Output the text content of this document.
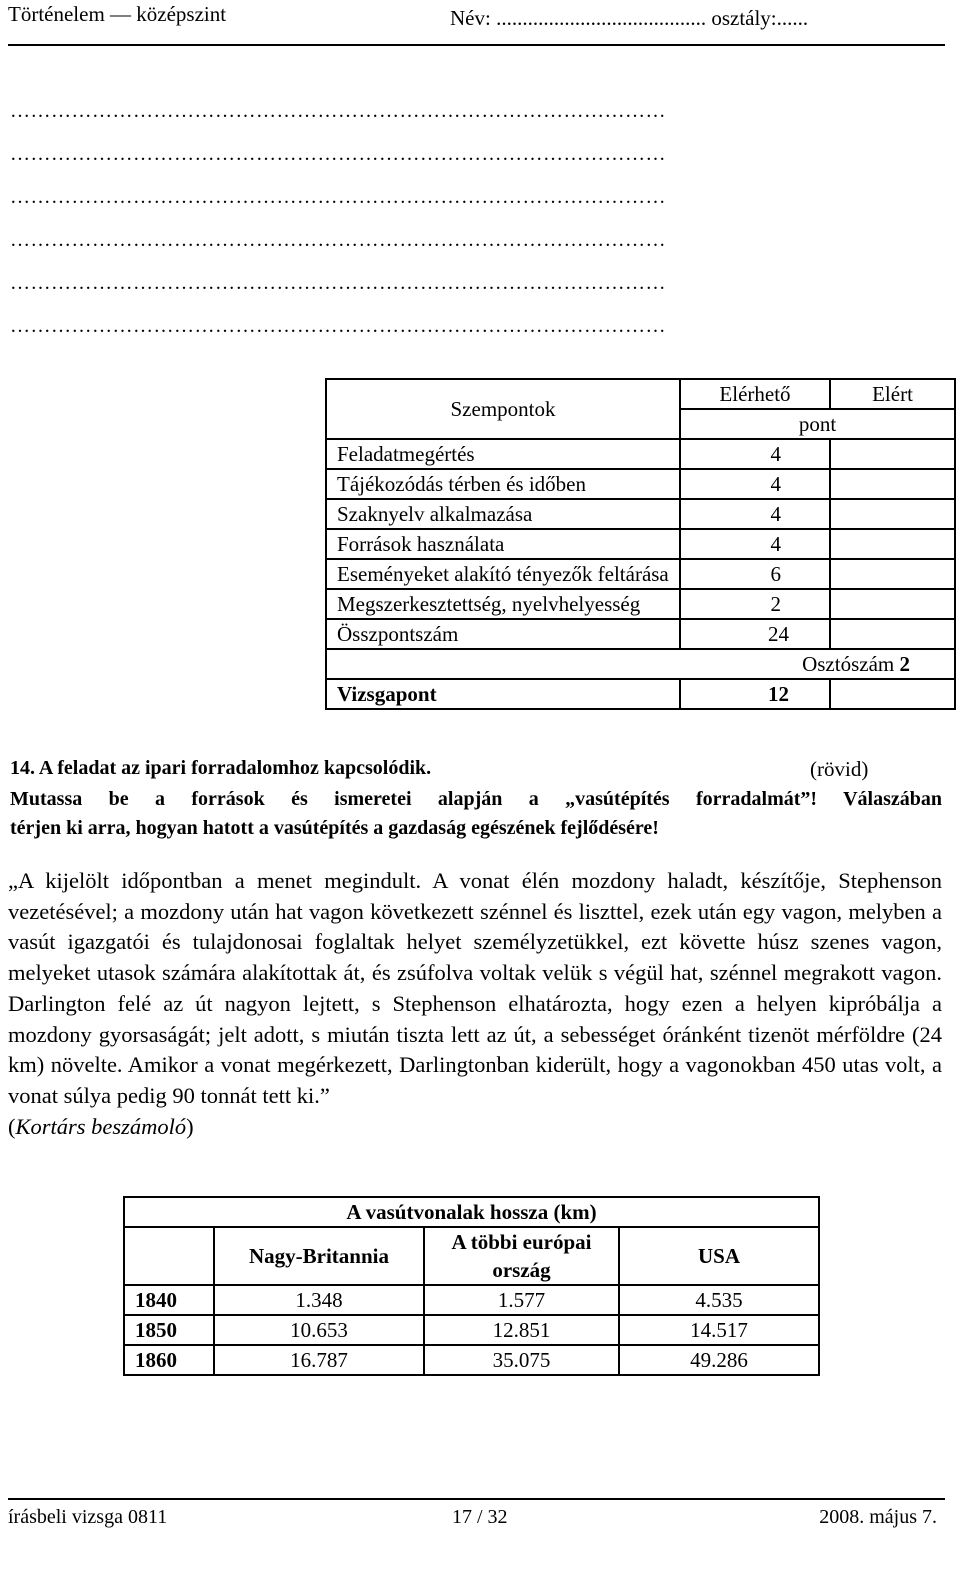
Történelem — középszint	Név: ........................................ osztály:......
……………………………………………………………………………………
……………………………………………………………………………………
……………………………………………………………………………………
……………………………………………………………………………………
……………………………………………………………………………………
……………………………………………………………………………………
Szempontok	Elérhető	Elért
	pont	
Feladatmegértés	4	
Tájékozódás térben és időben	4	
Szaknyelv alkalmazása	4	
Források használata	4	
Eseményeket alakító tényezők feltárása	6	
Megszerkesztettség, nyelvhelyesség	2	
Összpontszám	24	
	Osztószám 2	
Vizsgapont	12	
14. A feladat az ipari forradalomhoz kapcsolódik.	(rövid)
Mutassa be a források és ismeretei alapján a „vasútépítés forradalmát”! Válaszában
térjen ki arra, hogyan hatott a vasútépítés a gazdaság egészének fejlődésére!
„A kijelölt időpontban a menet megindult. A vonat élén mozdony haladt, készítője, Stephenson vezetésével; a mozdony után hat vagon következett szénnel és liszttel, ezek után egy vagon, melyben a vasút igazgatói és tulajdonosai foglaltak helyet személyzetükkel, ezt követte húsz szenes vagon, melyeket utasok számára alakítottak át, és zsúfolva voltak velük s végül hat, szénnel megrakott vagon. Darlington felé az út nagyon lejtett, s Stephenson elhatározta, hogy ezen a helyen kipróbálja a mozdony gyorsaságát; jelt adott, s miután tiszta lett az út, a sebességet óránként tizenöt mérföldre (24 km) növelte. Amikor a vonat megérkezett, Darlingtonban kiderült, hogy a vagonokban 450 utas volt, a vonat súlya pedig 90 tonnát tett ki.”
(Kortárs beszámoló)
A vasútvonalak hossza (km)			
	Nagy-Britannia	A többi európai ország	USA
1840	1.348	1.577	4.535
1850	10.653	12.851	14.517
1860	16.787	35.075	49.286
írásbeli vizsga 0811	17 / 32	2008. május 7.
